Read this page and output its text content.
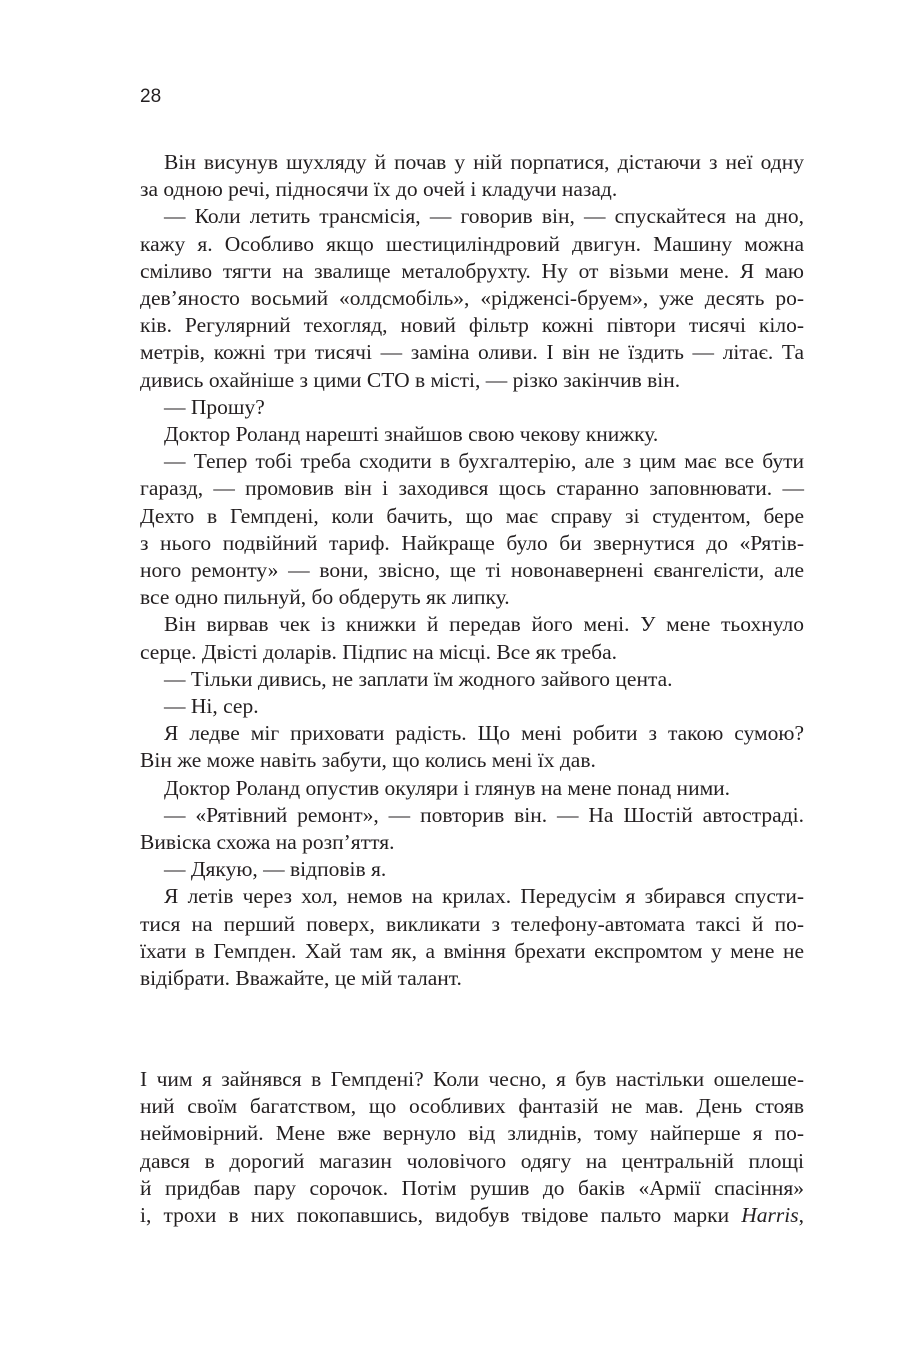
28
Він висунув шухляду й почав у ній порпатися, дістаючи з неї одну
за одною речі, підносячи їх до очей і кладучи назад.
— Коли летить трансмісія, — говорив він, — спускайтеся на дно,
кажу я. Особливо якщо шестициліндровий двигун. Машину можна
сміливо тягти на звалище металобрухту. Ну от візьми мене. Я маю
дев’яносто восьмий «олдсмобіль», «рідженсі-бруем», уже десять ро-
ків. Регулярний техогляд, новий фільтр кожні півтори тисячі кіло-
метрів, кожні три тисячі — заміна оливи. І він не їздить — літає. Та
дивись охайніше з цими СТО в місті, — різко закінчив він.
— Прошу?
Доктор Роланд нарешті знайшов свою чекову книжку.
— Тепер тобі треба сходити в бухгалтерію, але з цим має все бути
гаразд, — промовив він і заходився щось старанно заповнювати. —
Дехто в Гемпдені, коли бачить, що має справу зі студентом, бере
з нього подвійний тариф. Найкраще було би звернутися до «Рятів-
ного ремонту» — вони, звісно, ще ті новонавернені євангелісти, але
все одно пильнуй, бо обдеруть як липку.
Він вирвав чек із книжки й передав його мені. У мене тьохнуло
серце. Двісті доларів. Підпис на місці. Все як треба.
— Тільки дивись, не заплати їм жодного зайвого цента.
— Ні, сер.
Я ледве міг приховати радість. Що мені робити з такою сумою?
Він же може навіть забути, що колись мені їх дав.
Доктор Роланд опустив окуляри і глянув на мене понад ними.
— «Рятівний ремонт», — повторив він. — На Шостій автостраді.
Вивіска схожа на розп’яття.
— Дякую, — відповів я.
Я летів через хол, немов на крилах. Передусім я збирався спусти-
тися на перший поверх, викликати з телефону-автомата таксі й по-
їхати в Гемпден. Хай там як, а вміння брехати експромтом у мене не
відібрати. Вважайте, це мій талант.
І чим я зайнявся в Гемпдені? Коли чесно, я був настільки ошелеше-
ний своїм багатством, що особливих фантазій не мав. День стояв
неймовірний. Мене вже вернуло від злиднів, тому найперше я по-
дався в дорогий магазин чоловічого одягу на центральній площі
й придбав пару сорочок. Потім рушив до баків «Армії спасіння»
і, трохи в них покопавшись, видобув твідове пальто марки Harris,
